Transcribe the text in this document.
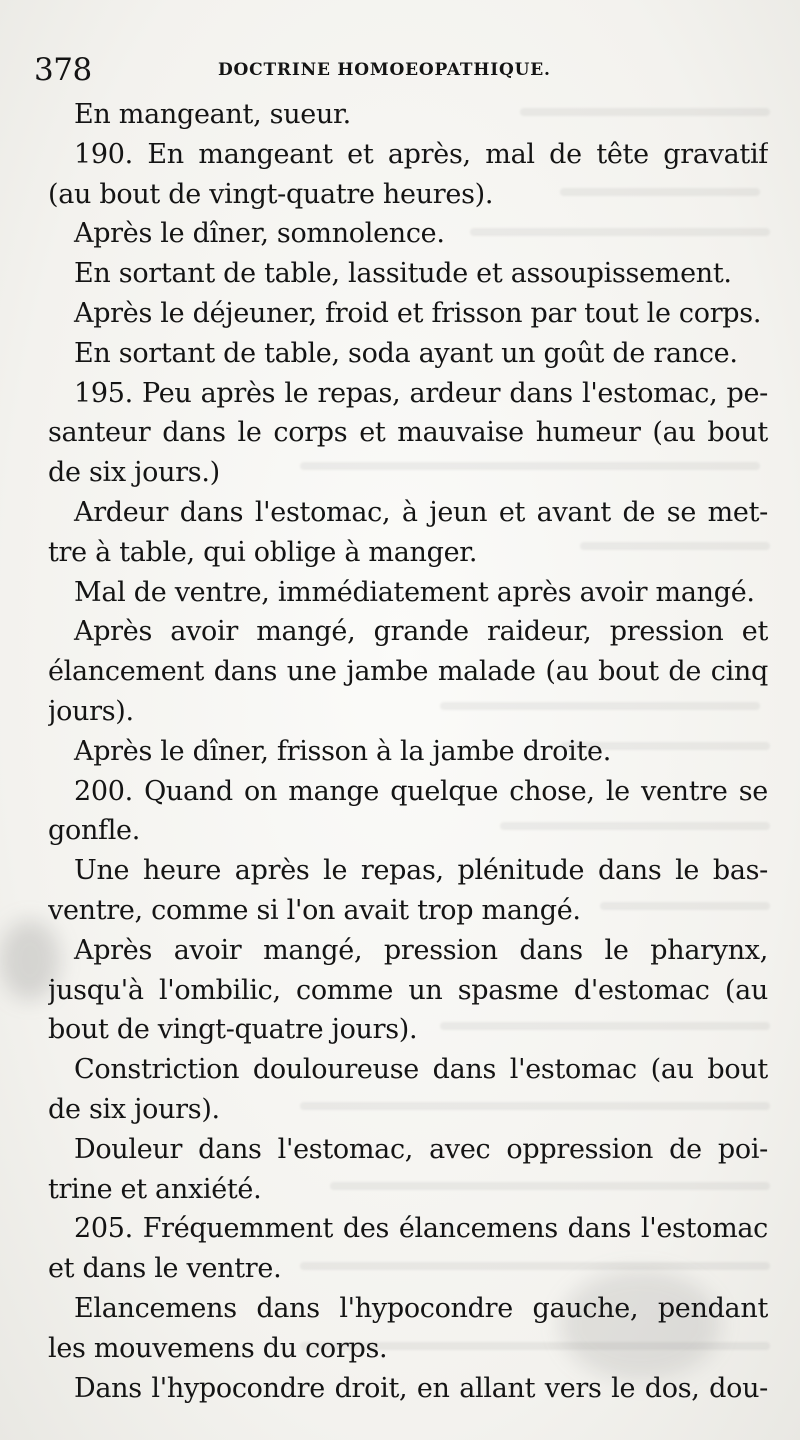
378	DOCTRINE HOMOEOPATHIQUE.
En mangeant, sueur.
190. En mangeant et après, mal de tête gravatif
(au bout de vingt-quatre heures).
Après le dîner, somnolence.
En sortant de table, lassitude et assoupissement.
Après le déjeuner, froid et frisson par tout le corps.
En sortant de table, soda ayant un goût de rance.
195. Peu après le repas, ardeur dans l'estomac, pe-
santeur dans le corps et mauvaise humeur (au bout
de six jours.)
Ardeur dans l'estomac, à jeun et avant de se met-
tre à table, qui oblige à manger.
Mal de ventre, immédiatement après avoir mangé.
Après avoir mangé, grande raideur, pression et
élancement dans une jambe malade (au bout de cinq
jours).
Après le dîner, frisson à la jambe droite.
200. Quand on mange quelque chose, le ventre se
gonfle.
Une heure après le repas, plénitude dans le bas-
ventre, comme si l'on avait trop mangé.
Après avoir mangé, pression dans le pharynx,
jusqu'à l'ombilic, comme un spasme d'estomac (au
bout de vingt-quatre jours).
Constriction douloureuse dans l'estomac (au bout
de six jours).
Douleur dans l'estomac, avec oppression de poi-
trine et anxiété.
205. Fréquemment des élancemens dans l'estomac
et dans le ventre.
Elancemens dans l'hypocondre gauche, pendant
les mouvemens du corps.
Dans l'hypocondre droit, en allant vers le dos, dou-
